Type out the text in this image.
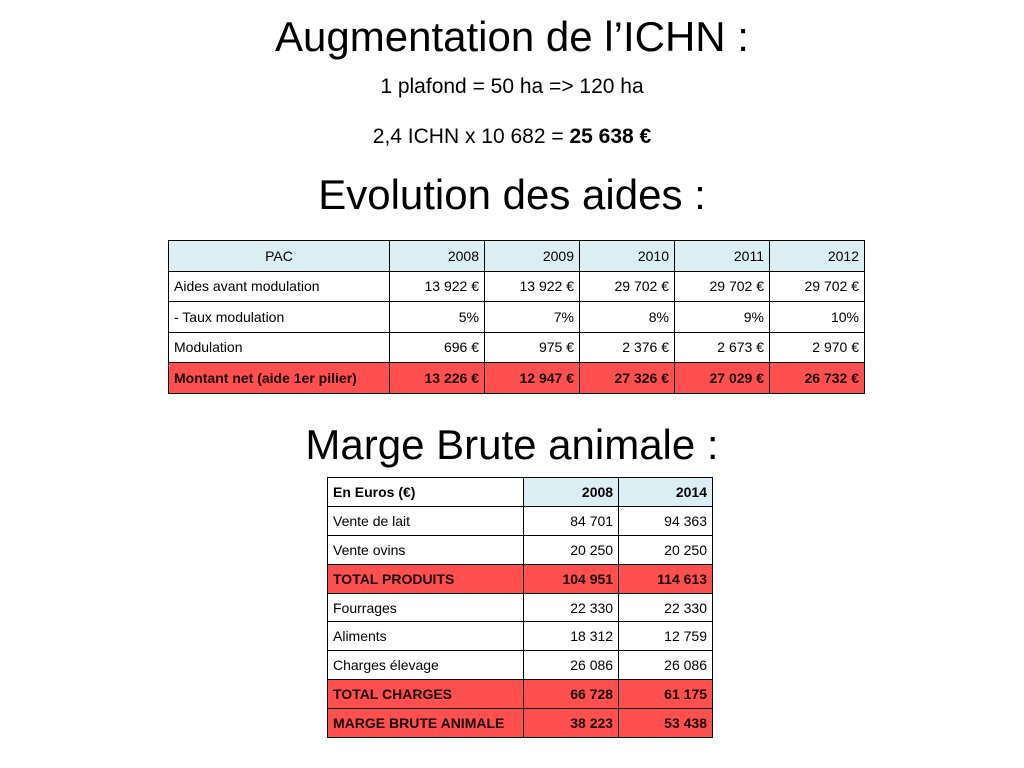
Augmentation de l’ICHN :
1 plafond = 50 ha => 120 ha
2,4 ICHN x 10 682 = 25 638 €
Evolution des aides :
PAC	2008	2009	2010	2011	2012
Aides avant modulation	13 922 €	13 922 €	29 702 €	29 702 €	29 702 €
- Taux modulation	5%	7%	8%	9%	10%
Modulation	696 €	975 €	2 376 €	2 673 €	2 970 €
Montant net (aide 1er pilier)	13 226 €	12 947 €	27 326 €	27 029 €	26 732 €
Marge Brute animale :
En Euros (€)	2008	2014
Vente de lait	84 701	94 363
Vente ovins	20 250	20 250
TOTAL PRODUITS	104 951	114 613
Fourrages	22 330	22 330
Aliments	18 312	12 759
Charges élevage	26 086	26 086
TOTAL CHARGES	66 728	61 175
MARGE BRUTE ANIMALE	38 223	53 438
